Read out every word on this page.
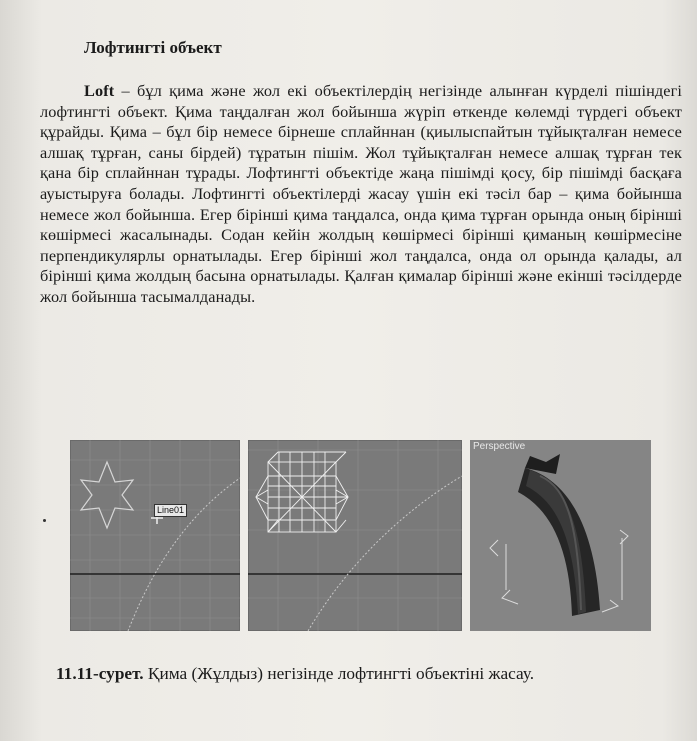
Лофтингті объект

Loft – бұл қима және жол екі объектілердің негізінде алынған күрделі пішіндегі лофтингті объект. Қима таңдалған жол бойынша жүріп өткенде көлемді түрдегі объект құрайды. Қима – бұл бір немесе бірнеше сплайннан (қиылыспайтын тұйықталған немесе алшақ тұрған, саны бірдей) тұратын пішім. Жол тұйықталған немесе алшақ тұрған тек қана бір сплайннан тұрады. Лофтингті объектіде жаңа пішімді қосу, бір пішімді басқаға ауыстыруға болады. Лофтингті объектілерді жасау үшін екі тәсіл бар – қима бойынша немесе жол бойынша. Егер бірінші қима таңдалса, онда қима тұрған орында оның бірінші көшірмесі жасалынады. Содан кейін жолдың көшірмесі бірінші қиманың көшірмесіне перпендикулярлы орнатылады. Егер бірінші жол таңдалса, онда ол орында қалады, ал бірінші қима жолдың басына орнатылады. Қалған қималар бірінші және екінші тәсілдерде жол бойынша тасымалданады.

Line01
Perspective

11.11-сурет. Қима (Жұлдыз) негізінде лофтингті объектіні жасау.
